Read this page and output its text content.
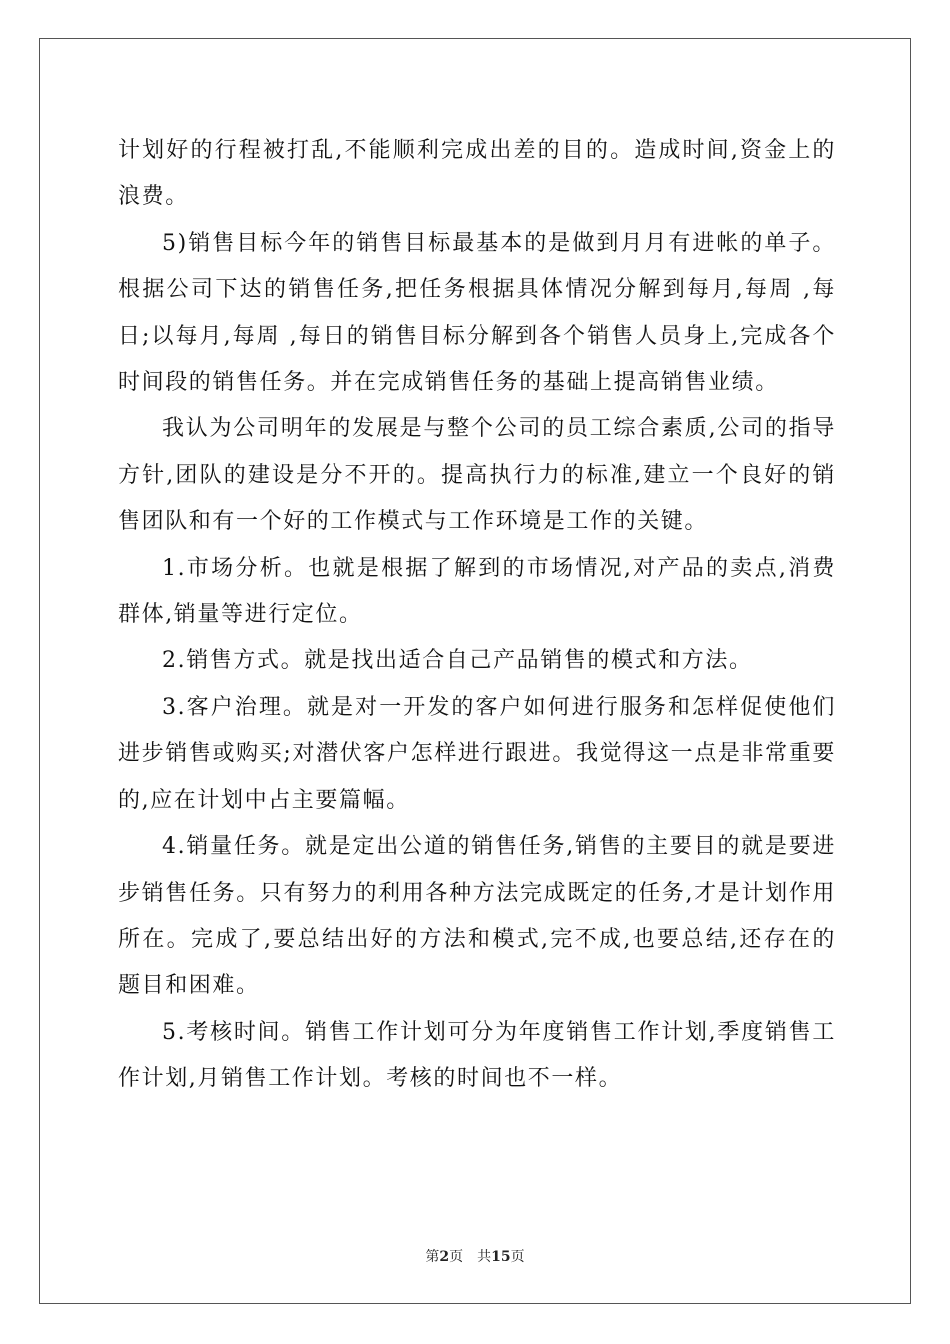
计划好的行程被打乱,不能顺利完成出差的目的。造成时间,资金上的浪费。

5)销售目标今年的销售目标最基本的是做到月月有进帐的单子。根据公司下达的销售任务,把任务根据具体情况分解到每月,每周 ,每日;以每月,每周 ,每日的销售目标分解到各个销售人员身上,完成各个时间段的销售任务。并在完成销售任务的基础上提高销售业绩。

我认为公司明年的发展是与整个公司的员工综合素质,公司的指导方针,团队的建设是分不开的。提高执行力的标准,建立一个良好的销售团队和有一个好的工作模式与工作环境是工作的关键。

1.市场分析。也就是根据了解到的市场情况,对产品的卖点,消费群体,销量等进行定位。

2.销售方式。就是找出适合自己产品销售的模式和方法。

3.客户治理。就是对一开发的客户如何进行服务和怎样促使他们进步销售或购买;对潜伏客户怎样进行跟进。我觉得这一点是非常重要的,应在计划中占主要篇幅。

4.销量任务。就是定出公道的销售任务,销售的主要目的就是要进步销售任务。只有努力的利用各种方法完成既定的任务,才是计划作用所在。完成了,要总结出好的方法和模式,完不成,也要总结,还存在的题目和困难。

5.考核时间。销售工作计划可分为年度销售工作计划,季度销售工作计划,月销售工作计划。考核的时间也不一样。

第2页 共15页
